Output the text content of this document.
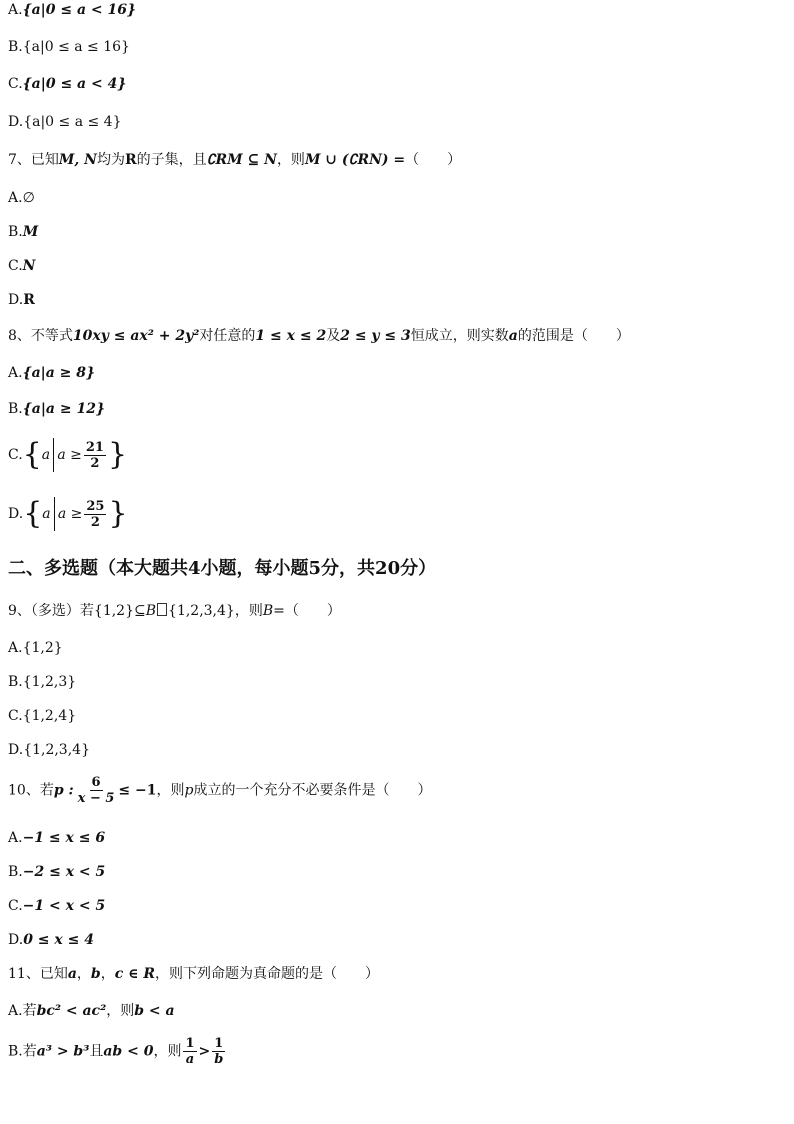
A.{a|0 ≤ a < 16}
B.{a|0 ≤ a ≤ 16}
C.{a|0 ≤ a < 4}
D.{a|0 ≤ a ≤ 4}
7、已知M, N均为R的子集，且∁RM ⊆ N，则M ∪ (∁RN) =（　　）
A.∅
B.M
C.N
D.R
8、不等式10xy ≤ ax² + 2y²对任意的1 ≤ x ≤ 2及2 ≤ y ≤ 3恒成立，则实数a的范围是（　　）
A.{a|a ≥ 8}
B.{a|a ≥ 12}
C.{a $a \ge \frac{21}{2}$ }
D.{a $a \ge \frac{25}{2}$ }
二、多选题（本大题共4小题，每小题5分，共20分）
9、（多选）若{1,2}⊆B {1,2,3,4}，则B=（　　）
A.{1,2}
B.{1,2,3}
C.{1,2,4}
D.{1,2,3,4}
10、若p : $\frac{6}{x - 5} \le -1$，则p成立的一个充分不必要条件是（　　）
A.−1 ≤ x ≤ 6
B.−2 ≤ x < 5
C.−1 < x < 5
D.0 ≤ x ≤ 4
11、已知a，b，c ∈ R，则下列命题为真命题的是（　　）
A.若bc² < ac²，则b < a
B.若a³ > b³且ab < 0，则 $\frac{1}{a} > \frac{1}{b}$
